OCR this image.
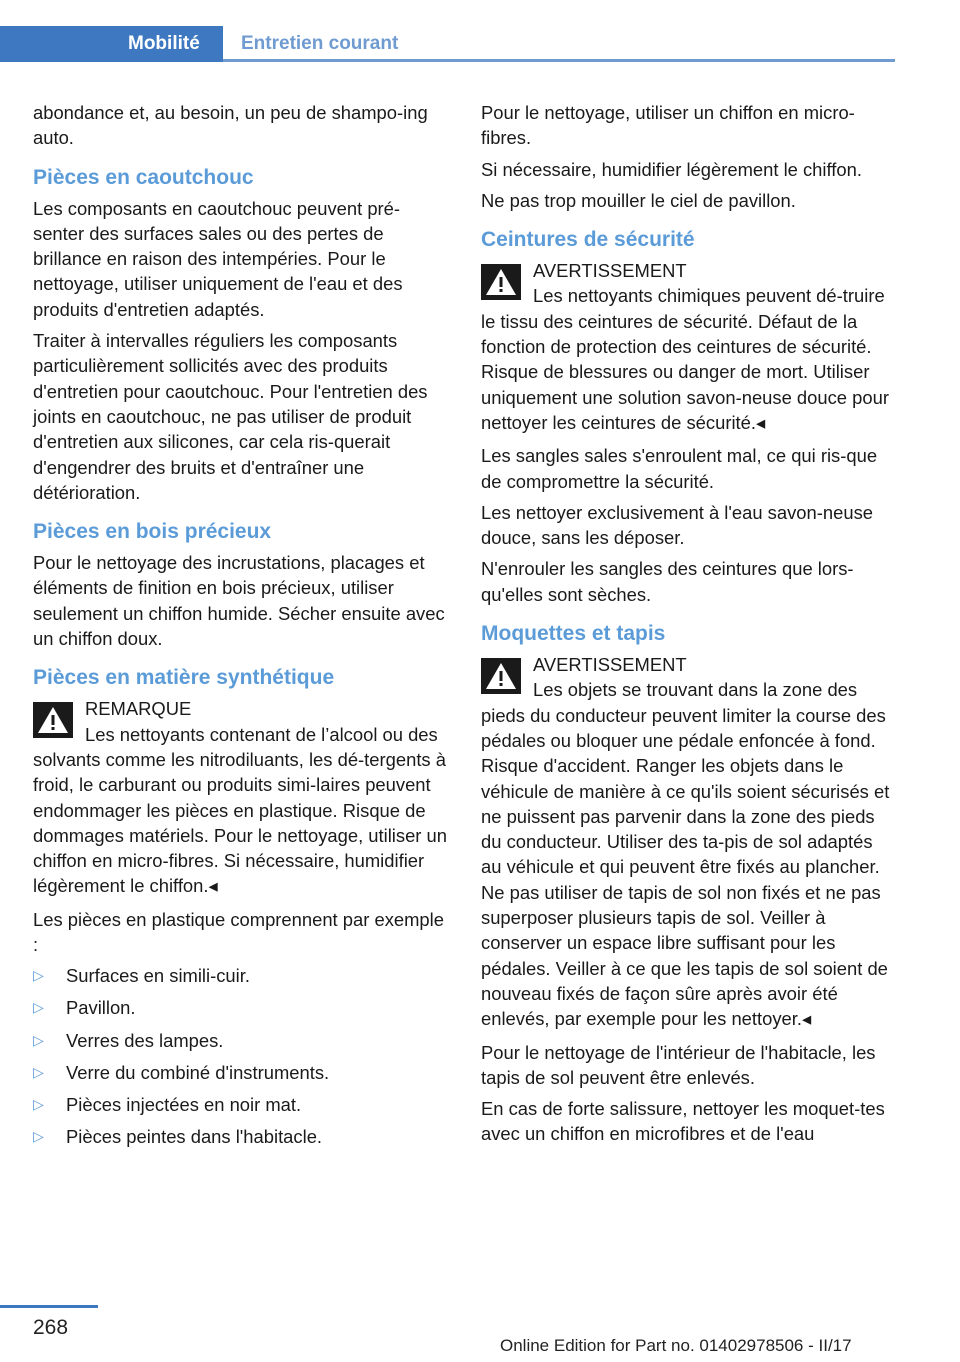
Mobilité	Entretien courant

abondance et, au besoin, un peu de shampo‐ing auto.

Pièces en caoutchouc

Les composants en caoutchouc peuvent pré‐senter des surfaces sales ou des pertes de brillance en raison des intempéries. Pour le nettoyage, utiliser uniquement de l'eau et des produits d'entretien adaptés.

Traiter à intervalles réguliers les composants particulièrement sollicités avec des produits d'entretien pour caoutchouc. Pour l'entretien des joints en caoutchouc, ne pas utiliser de produit d'entretien aux silicones, car cela ris‐querait d'engendrer des bruits et d'entraîner une détérioration.

Pièces en bois précieux

Pour le nettoyage des incrustations, placages et éléments de finition en bois précieux, utiliser seulement un chiffon humide. Sécher ensuite avec un chiffon doux.

Pièces en matière synthétique
REMARQUE
Les nettoyants contenant de l’alcool ou des solvants comme les nitrodiluants, les dé‐tergents à froid, le carburant ou produits simi‐laires peuvent endommager les pièces en plastique. Risque de dommages matériels. Pour le nettoyage, utiliser un chiffon en micro‐fibres. Si nécessaire, humidifier légèrement le chiffon.◂

Les pièces en plastique comprennent par exemple :

▷ Surfaces en simili-cuir.
▷ Pavillon.
▷ Verres des lampes.
▷ Verre du combiné d'instruments.
▷ Pièces injectées en noir mat.
▷ Pièces peintes dans l'habitacle.

Pour le nettoyage, utiliser un chiffon en micro‐fibres.

Si nécessaire, humidifier légèrement le chiffon.

Ne pas trop mouiller le ciel de pavillon.

Ceintures de sécurité
AVERTISSEMENT
Les nettoyants chimiques peuvent dé‐truire le tissu des ceintures de sécurité. Défaut de la fonction de protection des ceintures de sécurité. Risque de blessures ou danger de mort. Utiliser uniquement une solution savon‐neuse douce pour nettoyer les ceintures de sécurité.◂

Les sangles sales s'enroulent mal, ce qui ris‐que de compromettre la sécurité.

Les nettoyer exclusivement à l'eau savon‐neuse douce, sans les déposer.

N'enrouler les sangles des ceintures que lors‐qu'elles sont sèches.

Moquettes et tapis
AVERTISSEMENT
Les objets se trouvant dans la zone des pieds du conducteur peuvent limiter la course des pédales ou bloquer une pédale enfoncée à fond. Risque d'accident. Ranger les objets dans le véhicule de manière à ce qu'ils soient sécurisés et ne puissent pas parvenir dans la zone des pieds du conducteur. Utiliser des ta‐pis de sol adaptés au véhicule et qui peuvent être fixés au plancher. Ne pas utiliser de tapis de sol non fixés et ne pas superposer plusieurs tapis de sol. Veiller à conserver un espace libre suffisant pour les pédales. Veiller à ce que les tapis de sol soient de nouveau fixés de façon sûre après avoir été enlevés, par exemple pour les nettoyer.◂

Pour le nettoyage de l'intérieur de l'habitacle, les tapis de sol peuvent être enlevés.

En cas de forte salissure, nettoyer les moquet‐tes avec un chiffon en microfibres et de l'eau

268
Online Edition for Part no. 01402978506 - II/17
